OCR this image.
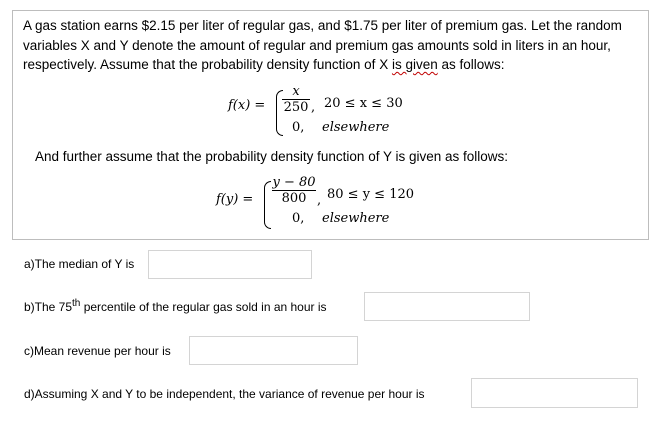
A gas station earns $2.15 per liter of regular gas, and $1.75 per liter of premium gas. Let the random variables X and Y denote the amount of regular and premium gas amounts sold in liters in an hour, respectively. Assume that the probability density function of X is given as follows:

f(x) =
x
250 , 20 ≤ x ≤ 30
0, elsewhere

And further assume that the probability density function of Y is given as follows:

f(y) =
y − 80
800 , 80 ≤ y ≤ 120
0, elsewhere
a)The median of Y is
b)The 75th percentile of the regular gas sold in an hour is
c)Mean revenue per hour is
d)Assuming X and Y to be independent, the variance of revenue per hour is
